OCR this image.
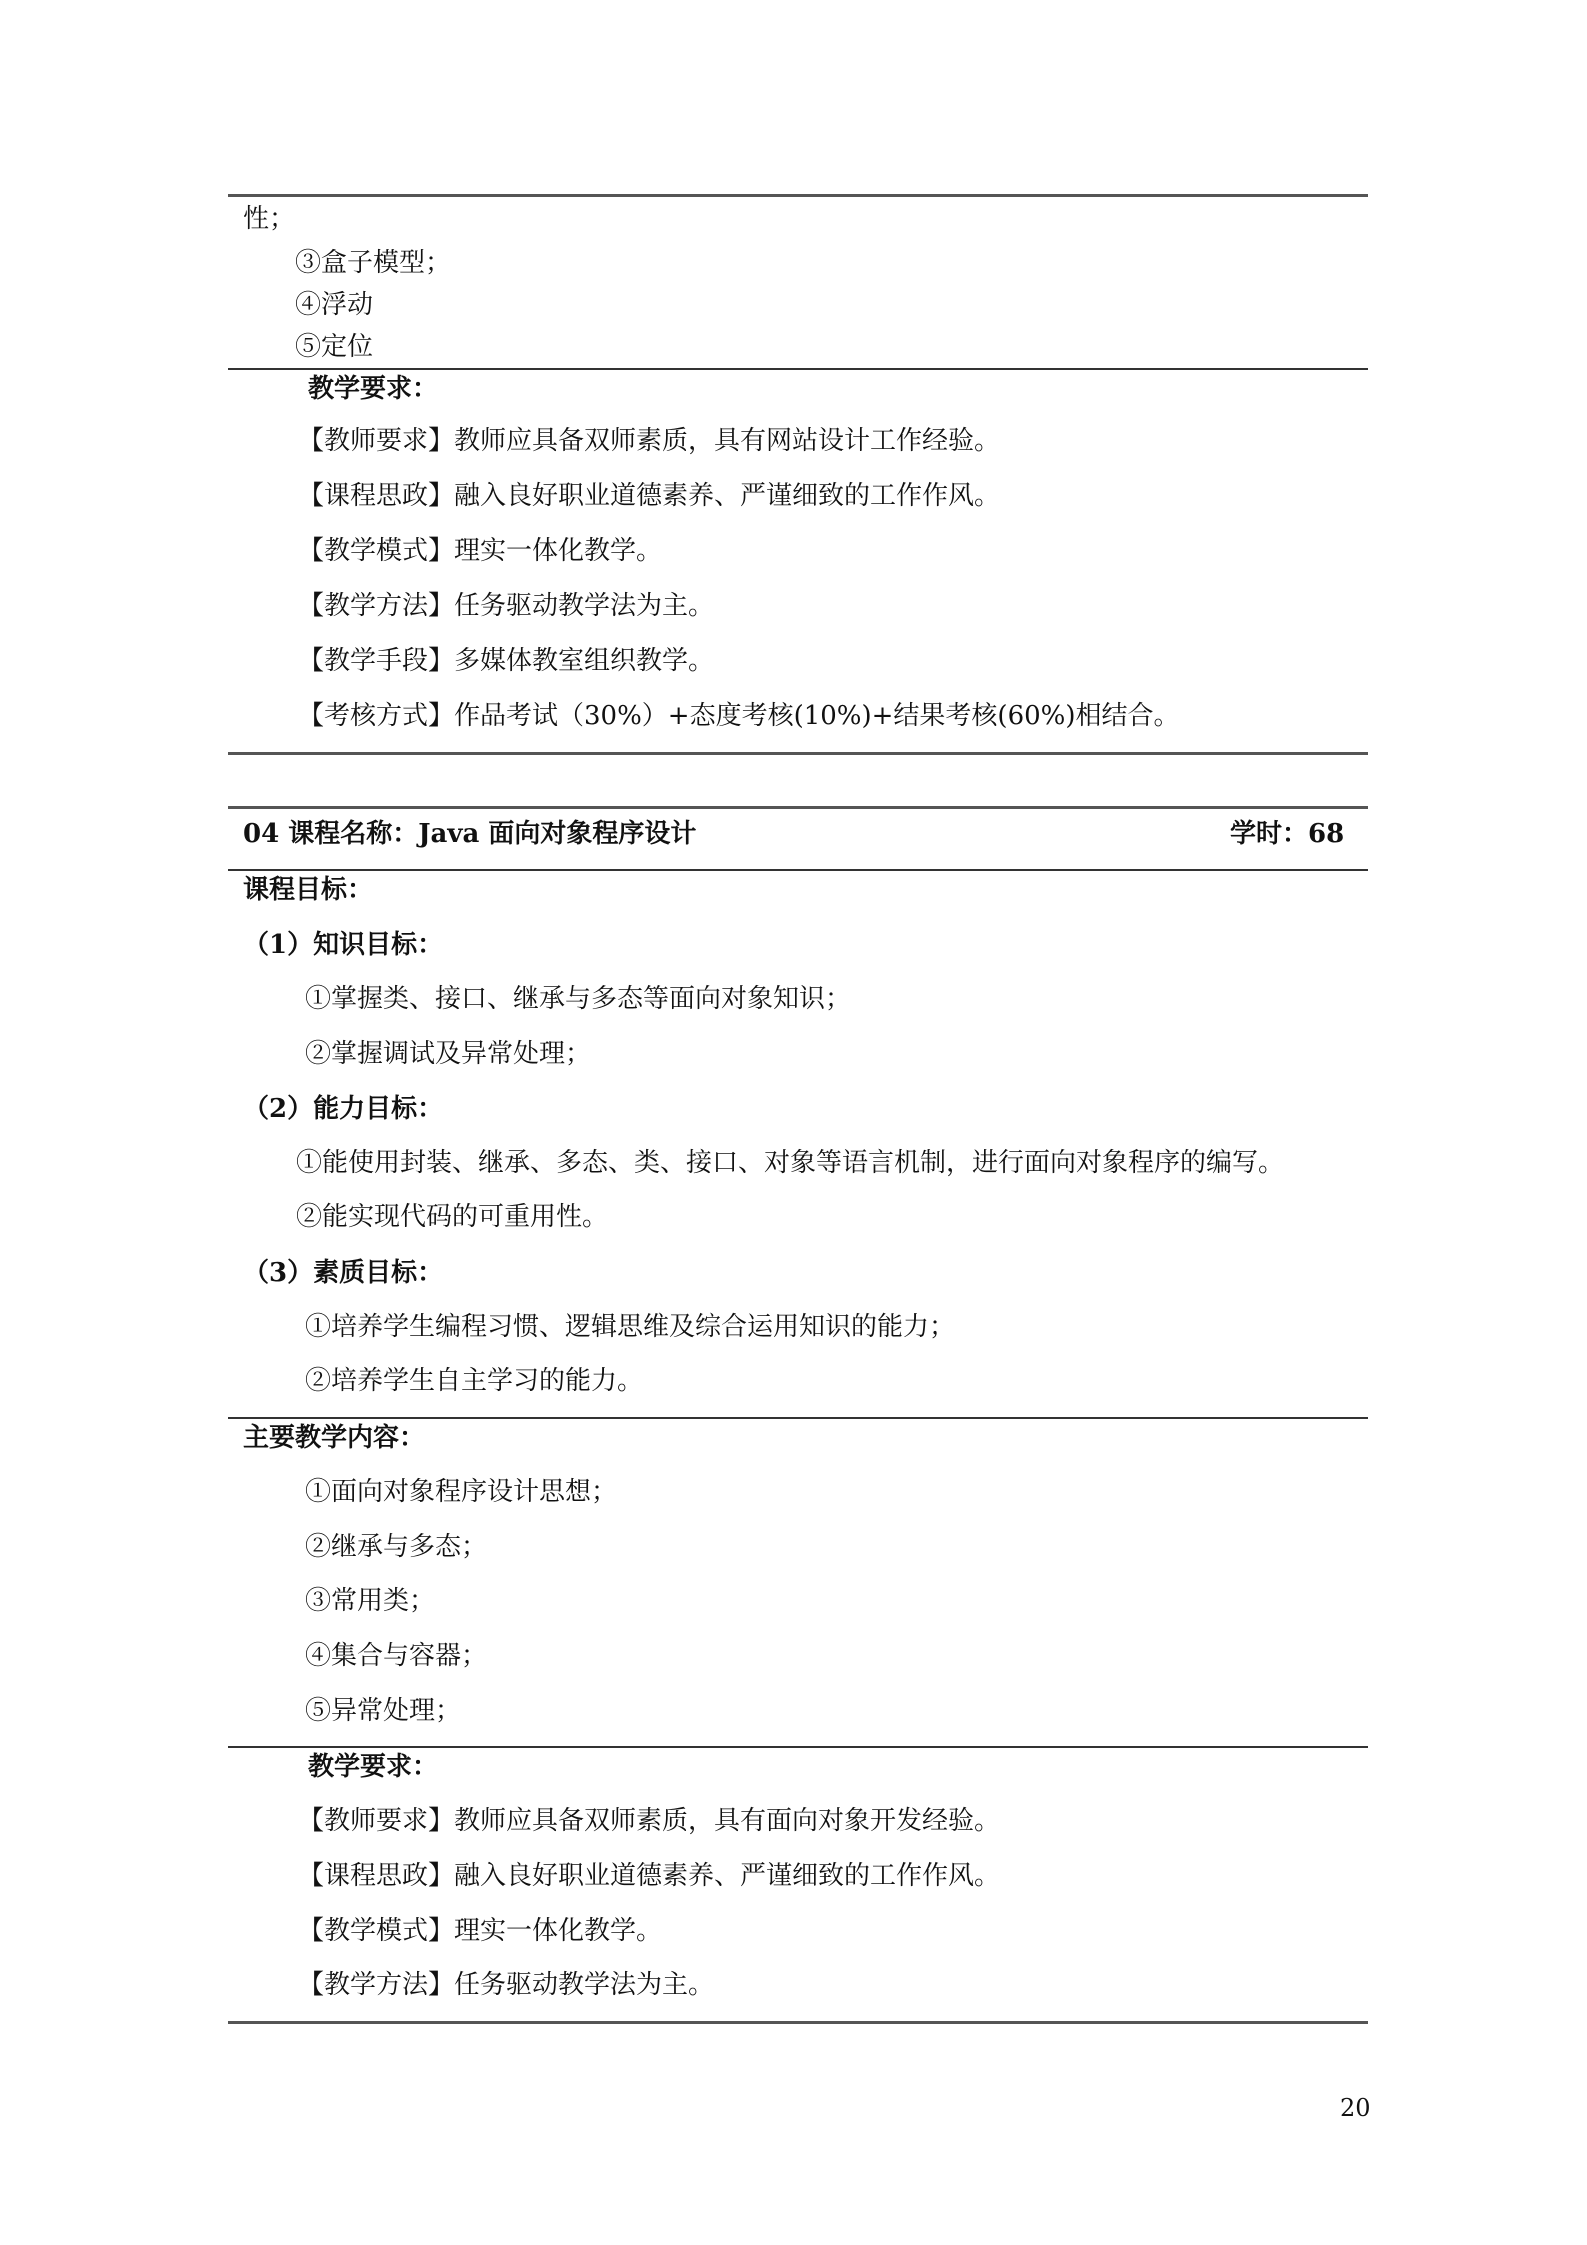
性；
③盒子模型；
④浮动
⑤定位
教学要求：
【教师要求】教师应具备双师素质，具有网站设计工作经验。
【课程思政】融入良好职业道德素养、严谨细致的工作作风。
【教学模式】理实一体化教学。
【教学方法】任务驱动教学法为主。
【教学手段】多媒体教室组织教学。
【考核方式】作品考试（30%）+态度考核(10%)+结果考核(60%)相结合。
04 课程名称：Java 面向对象程序设计	学时：68
课程目标：
（1）知识目标：
①掌握类、接口、继承与多态等面向对象知识；
②掌握调试及异常处理；
（2）能力目标：
①能使用封装、继承、多态、类、接口、对象等语言机制，进行面向对象程序的编写。
②能实现代码的可重用性。
（3）素质目标：
①培养学生编程习惯、逻辑思维及综合运用知识的能力；
②培养学生自主学习的能力。
主要教学内容：
①面向对象程序设计思想；
②继承与多态；
③常用类；
④集合与容器；
⑤异常处理；
教学要求：
【教师要求】教师应具备双师素质，具有面向对象开发经验。
【课程思政】融入良好职业道德素养、严谨细致的工作作风。
【教学模式】理实一体化教学。
【教学方法】任务驱动教学法为主。
20
